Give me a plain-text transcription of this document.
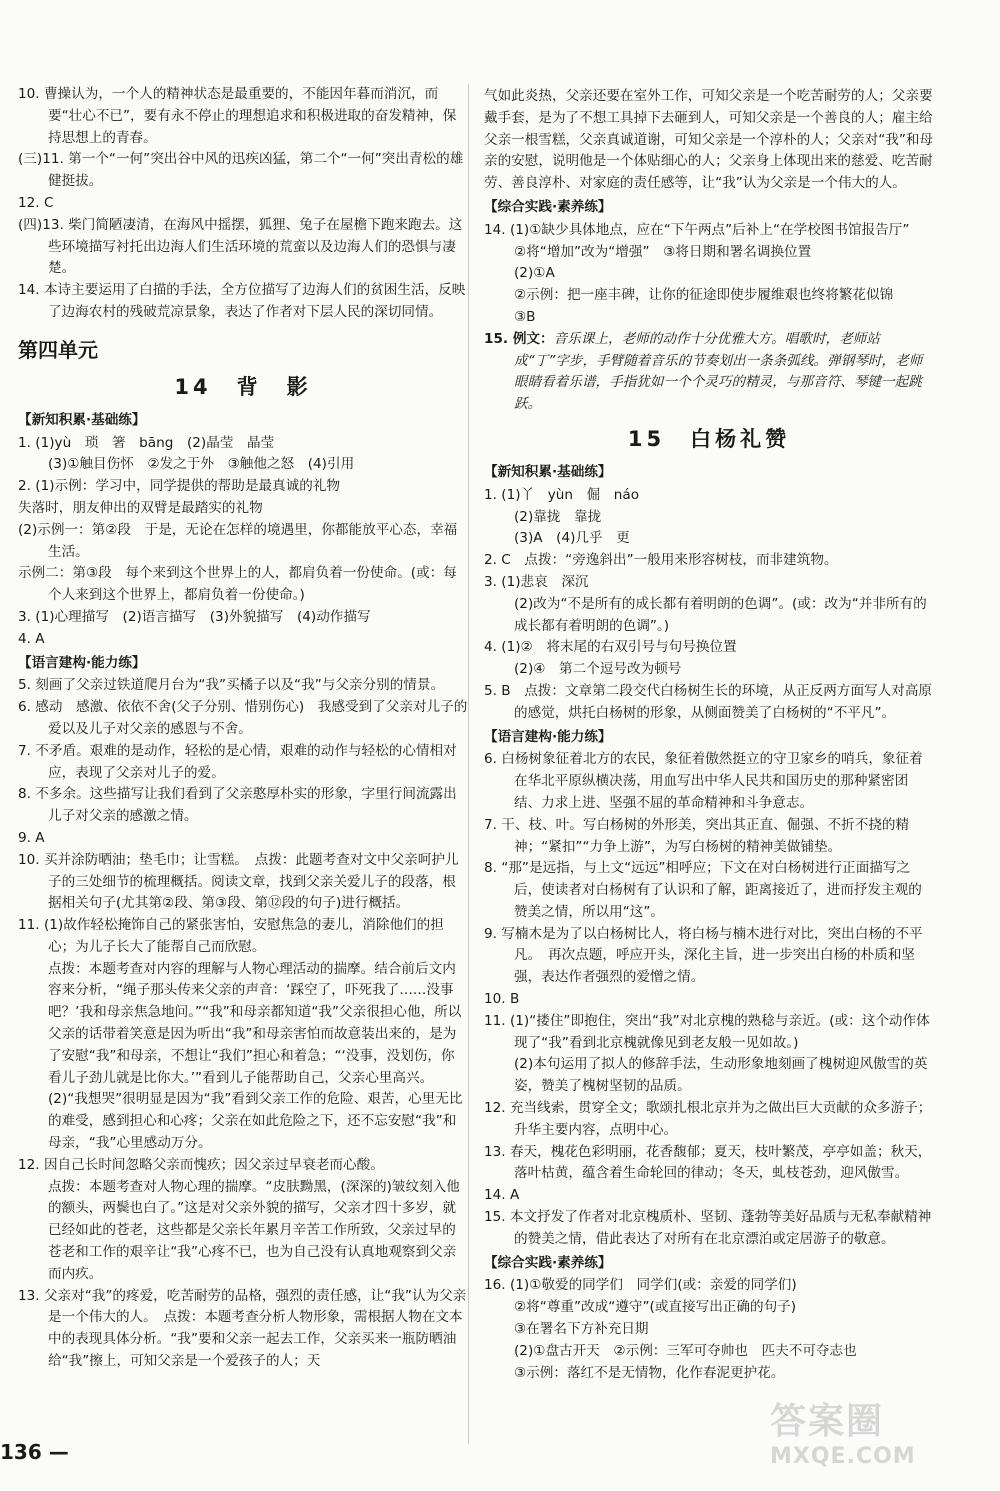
10. 曹操认为，一个人的精神状态是最重要的，不能因年暮而消沉，而要“壮心不已”，要有永不停止的理想追求和积极进取的奋发精神，保持思想上的青春。

(三)11. 第一个“一何”突出谷中风的迅疾凶猛，第二个“一何”突出青松的雄健挺拔。

12. C

(四)13. 柴门简陋凄清，在海风中摇摆，狐狸、兔子在屋檐下跑来跑去。这些环境描写衬托出边海人们生活环境的荒蛮以及边海人们的恐惧与凄楚。

14. 本诗主要运用了白描的手法，全方位描写了边海人们的贫困生活，反映了边海农村的残破荒凉景象，表达了作者对下层人民的深切同情。

第四单元
14　背　影
【新知积累·基础练】

1. (1)yù　琐　箸　bāng　(2)晶莹　晶莹

(3)①触目伤怀　②发之于外　③触他之怒　(4)引用

2. (1)示例：学习中，同学提供的帮助是最真诚的礼物

失落时，朋友伸出的双臂是最踏实的礼物

(2)示例一：第②段　于是，无论在怎样的境遇里，你都能放平心态，幸福生活。

示例二：第③段　每个来到这个世界上的人，都肩负着一份使命。(或：每个人来到这个世界上，都肩负着一份使命。)

3. (1)心理描写　(2)语言描写　(3)外貌描写　(4)动作描写

4. A

【语言建构·能力练】

5. 刻画了父亲过铁道爬月台为“我”买橘子以及“我”与父亲分别的情景。

6. 感动　感激、依依不舍(父子分别、惜别伤心)　我感受到了父亲对儿子的爱以及儿子对父亲的感恩与不舍。

7. 不矛盾。艰难的是动作，轻松的是心情，艰难的动作与轻松的心情相对应，表现了父亲对儿子的爱。

8. 不多余。这些描写让我们看到了父亲憨厚朴实的形象，字里行间流露出儿子对父亲的感激之情。

9. A

10. 买并涂防晒油；垫毛巾；让雪糕。　点拨：此题考查对文中父亲呵护儿子的三处细节的梳理概括。阅读文章，找到父亲关爱儿子的段落，根据相关句子(尤其第②段、第③段、第⑫段的句子)进行概括。

11. (1)故作轻松掩饰自己的紧张害怕，安慰焦急的妻儿，消除他们的担心；为儿子长大了能帮自己而欣慰。

点拨：本题考查对内容的理解与人物心理活动的揣摩。结合前后文内容来分析，“绳子那头传来父亲的声音：‘踩空了，吓死我了……没事吧？’我和母亲焦急地问。”“我”和母亲都知道“我”父亲很担心他，所以父亲的话带着笑意是因为听出“我”和母亲害怕而故意装出来的，是为了安慰“我”和母亲，不想让“我们”担心和着急；“‘没事，没划伤，你看儿子劲儿就是比你大。’”看到儿子能帮助自己，父亲心里高兴。

(2)“我想哭”很明显是因为“我”看到父亲工作的危险、艰苦，心里无比的难受，感到担心和心疼；父亲在如此危险之下，还不忘安慰“我”和母亲，“我”心里感动万分。

12. 因自己长时间忽略父亲而愧疚；因父亲过早衰老而心酸。

点拨：本题考查对人物心理的揣摩。“皮肤黝黑，(深深的)皱纹刻入他的额头，两鬓也白了。”这是对父亲外貌的描写，父亲才四十多岁，就已经如此的苍老，这些都是父亲长年累月辛苦工作所致，父亲过早的苍老和工作的艰辛让“我”心疼不已，也为自己没有认真地观察到父亲而内疚。

13. 父亲对“我”的疼爱，吃苦耐劳的品格，强烈的责任感，让“我”认为父亲是一个伟大的人。　点拨：本题考查分析人物形象，需根据人物在文本中的表现具体分析。“我”要和父亲一起去工作，父亲买来一瓶防晒油给“我”擦上，可知父亲是一个爱孩子的人；天

气如此炎热，父亲还要在室外工作，可知父亲是一个吃苦耐劳的人；父亲要戴手套，是为了不想工具掉下去砸到人，可知父亲是一个善良的人；雇主给父亲一根雪糕，父亲真诚道谢，可知父亲是一个淳朴的人；父亲对“我”和母亲的安慰，说明他是一个体贴细心的人；父亲身上体现出来的慈爱、吃苦耐劳、善良淳朴、对家庭的责任感等，让“我”认为父亲是一个伟大的人。

【综合实践·素养练】

14. (1)①缺少具体地点，应在“下午两点”后补上“在学校图书馆报告厅”

②将“增加”改为“增强”　③将日期和署名调换位置

(2)①A

②示例：把一座丰碑，让你的征途即使步履维艰也终将繁花似锦

③B

15. 例文：音乐课上，老师的动作十分优雅大方。唱歌时，老师站成“丁”字步，手臂随着音乐的节奏划出一条条弧线。弹钢琴时，老师眼睛看着乐谱，手指犹如一个个灵巧的精灵，与那音符、琴键一起跳跃。

15　白杨礼赞
【新知积累·基础练】

1. (1)丫　yùn　倔　náo

(2)靠拢　靠拢

(3)A　(4)几乎　更

2. C　点拨：“旁逸斜出”一般用来形容树枝，而非建筑物。

3. (1)悲哀　深沉

(2)改为“不是所有的成长都有着明朗的色调”。(或：改为“并非所有的成长都有着明朗的色调”。)

4. (1)②　将末尾的右双引号与句号换位置

(2)④　第二个逗号改为顿号

5. B　点拨：文章第二段交代白杨树生长的环境，从正反两方面写人对高原的感觉，烘托白杨树的形象，从侧面赞美了白杨树的“不平凡”。

【语言建构·能力练】

6. 白杨树象征着北方的农民，象征着傲然挺立的守卫家乡的哨兵，象征着在华北平原纵横决荡，用血写出中华人民共和国历史的那种紧密团结、力求上进、坚强不屈的革命精神和斗争意志。

7. 干、枝、叶。写白杨树的外形美，突出其正直、倔强、不折不挠的精神；“紧扣”“力争上游”，为写白杨树的精神美做铺垫。

8. “那”是远指，与上文“远远”相呼应；下文在对白杨树进行正面描写之后，使读者对白杨树有了认识和了解，距离接近了，进而抒发主观的赞美之情，所以用“这”。

9. 写楠木是为了以白杨树比人，将白杨与楠木进行对比，突出白杨的不平凡。　再次点题，呼应开头，深化主旨，进一步突出白杨的朴质和坚强，表达作者强烈的爱憎之情。

10. B

11. (1)“搂住”即抱住，突出“我”对北京槐的熟稔与亲近。(或：这个动作体现了“我”看到北京槐就像见到老友般一见如故。)

(2)本句运用了拟人的修辞手法，生动形象地刻画了槐树迎风傲雪的英姿，赞美了槐树坚韧的品质。

12. 充当线索，贯穿全文；歌颂扎根北京并为之做出巨大贡献的众多游子；升华主要内容，点明中心。

13. 春天，槐花色彩明丽，花香馥郁；夏天，枝叶繁茂，亭亭如盖；秋天，落叶枯黄，蕴含着生命轮回的律动；冬天，虬枝苍劲，迎风傲雪。

14. A

15. 本文抒发了作者对北京槐质朴、坚韧、蓬勃等美好品质与无私奉献精神的赞美之情，借此表达了对所有在北京漂泊或定居游子的敬意。

【综合实践·素养练】

16. (1)①敬爱的同学们　同学们(或：亲爱的同学们)

②将“尊重”改成“遵守”(或直接写出正确的句子)

③在署名下方补充日期

(2)①盘古开天　②示例：三军可夺帅也　匹夫不可夺志也

③示例：落红不是无情物，化作春泥更护花。

136 —
答案圈
MXQE.COM
